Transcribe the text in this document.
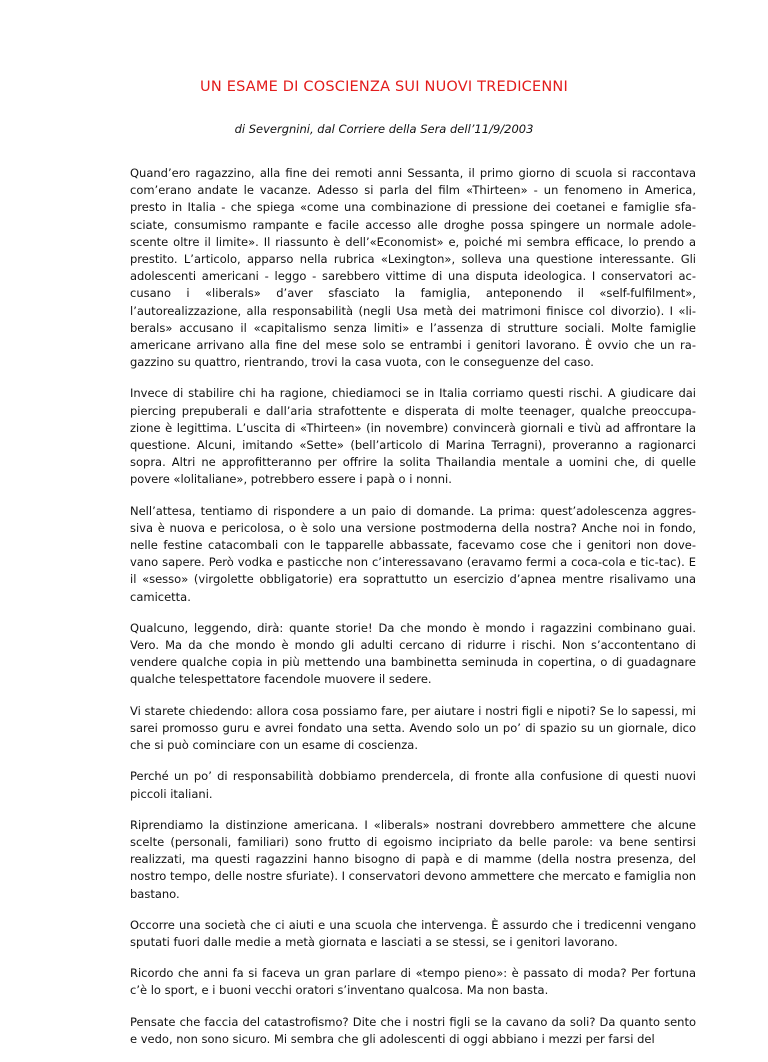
UN ESAME DI COSCIENZA SUI NUOVI TREDICENNI
di Severgnini, dal Corriere della Sera dell’11/9/2003

Quand’ero ragazzino, alla fine dei remoti anni Sessanta, il primo giorno di scuola si raccontava com’erano andate le vacanze. Adesso si parla del film «Thirteen» - un fenomeno in America, presto in Italia - che spiega «come una combinazione di pressione dei coetanei e famiglie sfasciate, consumismo rampante e facile accesso alle droghe possa spingere un normale adolescente oltre il limite». Il riassunto è dell’«Economist» e, poiché mi sembra efficace, lo prendo a prestito. L’articolo, apparso nella rubrica «Lexington», solleva una questione interessante. Gli adolescenti americani - leggo - sarebbero vittime di una disputa ideologica. I conservatori accusano i «liberals» d’aver sfasciato la famiglia, anteponendo il «self-fulfilment», l’autorealizzazione, alla responsabilità (negli Usa metà dei matrimoni finisce col divorzio). I «liberals» accusano il «capitalismo senza limiti» e l’assenza di strutture sociali. Molte famiglie americane arrivano alla fine del mese solo se entrambi i genitori lavorano. È ovvio che un ragazzino su quattro, rientrando, trovi la casa vuota, con le conseguenze del caso.

Invece di stabilire chi ha ragione, chiediamoci se in Italia corriamo questi rischi. A giudicare dai piercing prepuberali e dall’aria strafottente e disperata di molte teenager, qualche preoccupazione è legittima. L’uscita di «Thirteen» (in novembre) convincerà giornali e tivù ad affrontare la questione. Alcuni, imitando «Sette» (bell’articolo di Marina Terragni), proveranno a ragionarci sopra. Altri ne approfitteranno per offrire la solita Thailandia mentale a uomini che, di quelle povere «lolitaliane», potrebbero essere i papà o i nonni.

Nell’attesa, tentiamo di rispondere a un paio di domande. La prima: quest’adolescenza aggressiva è nuova e pericolosa, o è solo una versione postmoderna della nostra? Anche noi in fondo, nelle festine catacombali con le tapparelle abbassate, facevamo cose che i genitori non dovevano sapere. Però vodka e pasticche non c’interessavano (eravamo fermi a coca-cola e tic-tac). E il «sesso» (virgolette obbligatorie) era soprattutto un esercizio d’apnea mentre risalivamo una camicetta.

Qualcuno, leggendo, dirà: quante storie! Da che mondo è mondo i ragazzini combinano guai. Vero. Ma da che mondo è mondo gli adulti cercano di ridurre i rischi. Non s’accontentano di vendere qualche copia in più mettendo una bambinetta seminuda in copertina, o di guadagnare qualche telespettatore facendole muovere il sedere.

Vi starete chiedendo: allora cosa possiamo fare, per aiutare i nostri figli e nipoti? Se lo sapessi, mi sarei promosso guru e avrei fondato una setta. Avendo solo un po’ di spazio su un giornale, dico che si può cominciare con un esame di coscienza.

Perché un po’ di responsabilità dobbiamo prendercela, di fronte alla confusione di questi nuovi piccoli italiani.

Riprendiamo la distinzione americana. I «liberals» nostrani dovrebbero ammettere che alcune scelte (personali, familiari) sono frutto di egoismo incipriato da belle parole: va bene sentirsi realizzati, ma questi ragazzini hanno bisogno di papà e di mamme (della nostra presenza, del nostro tempo, delle nostre sfuriate). I conservatori devono ammettere che mercato e famiglia non bastano.

Occorre una società che ci aiuti e una scuola che intervenga. È assurdo che i tredicenni vengano sputati fuori dalle medie a metà giornata e lasciati a se stessi, se i genitori lavorano.

Ricordo che anni fa si faceva un gran parlare di «tempo pieno»: è passato di moda? Per fortuna c’è lo sport, e i buoni vecchi oratori s’inventano qualcosa. Ma non basta.

Pensate che faccia del catastrofismo? Dite che i nostri figli se la cavano da soli? Da quanto sento e vedo, non sono sicuro. Mi sembra che gli adolescenti di oggi abbiano i mezzi per farsi del
